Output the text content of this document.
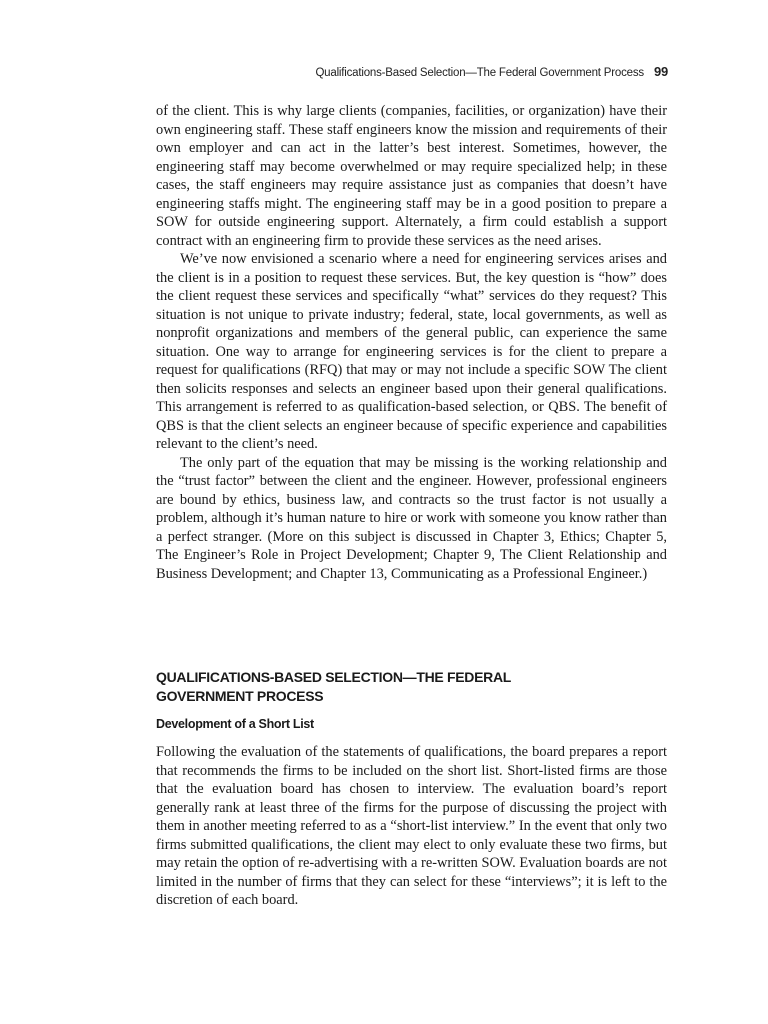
Qualifications-Based Selection—The Federal Government Process 99

of the client. This is why large clients (companies, facilities, or organization) have their own engineering staff. These staff engineers know the mission and requirements of their own employer and can act in the latter’s best interest. Sometimes, however, the engineering staff may become overwhelmed or may require specialized help; in these cases, the staff engineers may require assistance just as companies that doesn’t have engineering staffs might. The engineering staff may be in a good position to prepare a SOW for outside engineering support. Alternately, a firm could establish a support contract with an engineering firm to provide these services as the need arises.

We’ve now envisioned a scenario where a need for engineering services arises and the client is in a position to request these services. But, the key question is “how” does the client request these services and specifically “what” services do they request? This situation is not unique to private industry; federal, state, local governments, as well as nonprofit organizations and members of the general public, can experience the same situation. One way to arrange for engineering services is for the client to prepare a request for qualifications (RFQ) that may or may not include a specific SOW The client then solicits responses and selects an engineer based upon their general qualifications. This arrangement is referred to as qualification-based selection, or QBS. The benefit of QBS is that the client selects an engineer because of specific experience and capabilities relevant to the client’s need.

The only part of the equation that may be missing is the working relationship and the “trust factor” between the client and the engineer. However, professional engineers are bound by ethics, business law, and contracts so the trust factor is not usually a problem, although it’s human nature to hire or work with someone you know rather than a perfect stranger. (More on this subject is discussed in Chapter 3, Ethics; Chapter 5, The Engineer’s Role in Project Development; Chapter 9, The Client Relationship and Business Development; and Chapter 13, Communicating as a Professional Engineer.)

QUALIFICATIONS-BASED SELECTION—THE FEDERAL
GOVERNMENT PROCESS
Development of a Short List

Following the evaluation of the statements of qualifications, the board prepares a report that recommends the firms to be included on the short list. Short-listed firms are those that the evaluation board has chosen to interview. The evaluation board’s report generally rank at least three of the firms for the purpose of discussing the project with them in another meeting referred to as a “short-list interview.” In the event that only two firms submitted qualifications, the client may elect to only evaluate these two firms, but may retain the option of re-advertising with a re-written SOW. Evaluation boards are not limited in the number of firms that they can select for these “interviews”; it is left to the discretion of each board.
